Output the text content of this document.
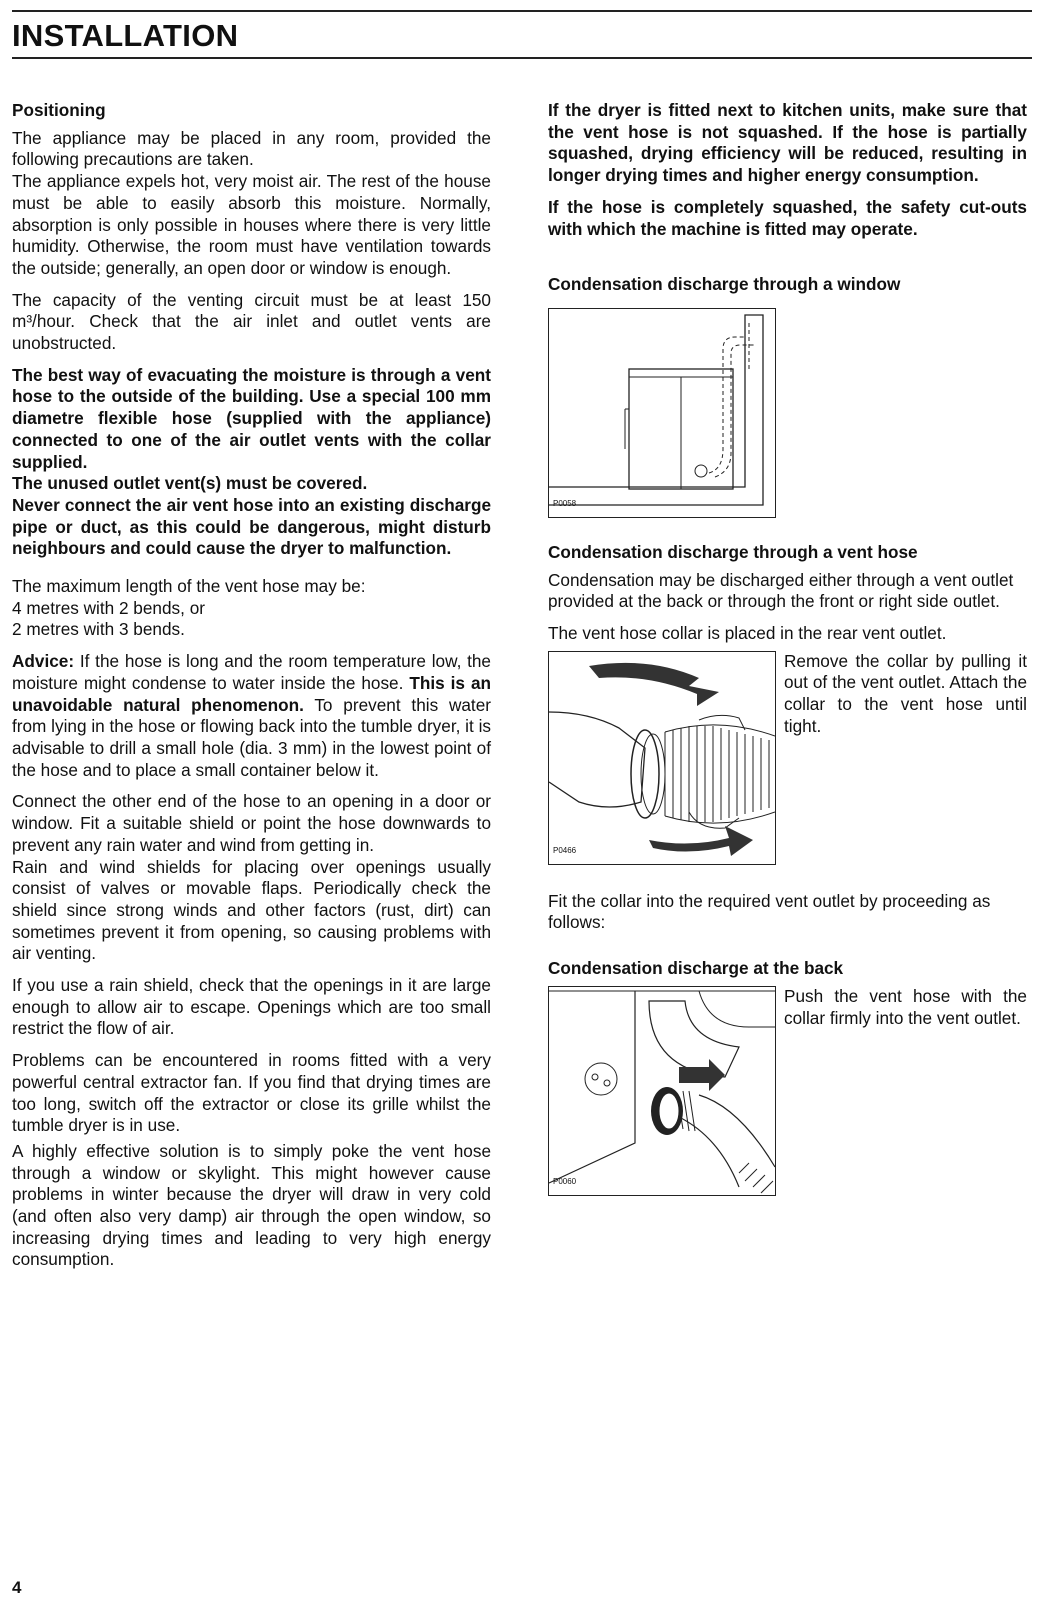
INSTALLATION
Positioning

The appliance may be placed in any room, provided the following precautions are taken.
The appliance expels hot, very moist air. The rest of the house must be able to easily absorb this moisture. Normally, absorption is only possible in houses where there is very little humidity. Otherwise, the room must have ventilation towards the outside; generally, an open door or window is enough.

The capacity of the venting circuit must be at least 150 m³/hour. Check that the air inlet and outlet vents are unobstructed.

The best way of evacuating the moisture is through a vent hose to the outside of the building. Use a special 100 mm diametre flexible hose (supplied with the appliance) connected to one of the air outlet vents with the collar supplied.
The unused outlet vent(s) must be covered.
Never connect the air vent hose into an existing discharge pipe or duct, as this could be dangerous, might disturb neighbours and could cause the dryer to malfunction.

The maximum length of the vent hose may be:
4 metres with 2 bends, or
2 metres with 3 bends.

Advice: If the hose is long and the room temperature low, the moisture might condense to water inside the hose. This is an unavoidable natural phenomenon. To prevent this water from lying in the hose or flowing back into the tumble dryer, it is advisable to drill a small hole (dia. 3 mm) in the lowest point of the hose and to place a small container below it.

Connect the other end of the hose to an opening in a door or window. Fit a suitable shield or point the hose downwards to prevent any rain water and wind from getting in.
Rain and wind shields for placing over openings usually consist of valves or movable flaps. Periodically check the shield since strong winds and other factors (rust, dirt) can sometimes prevent it from opening, so causing problems with air venting.

If you use a rain shield, check that the openings in it are large enough to allow air to escape. Openings which are too small restrict the flow of air.

Problems can be encountered in rooms fitted with a very powerful central extractor fan. If you find that drying times are too long, switch off the extractor or close its grille whilst the tumble dryer is in use.

A highly effective solution is to simply poke the vent hose through a window or skylight. This might however cause problems in winter because the dryer will draw in very cold (and often also very damp) air through the open window, so increasing drying times and leading to very high energy consumption.

If the dryer is fitted next to kitchen units, make sure that the vent hose is not squashed. If the hose is partially squashed, drying efficiency will be reduced, resulting in longer drying times and higher energy consumption.

If the hose is completely squashed, the safety cut-outs with which the machine is fitted may operate.

Condensation discharge through a window
P0058
Condensation discharge through a vent hose

Condensation may be discharged either through a vent outlet provided at the back or through the front or right side outlet.

The vent hose collar is placed in the rear vent outlet.

P0466
Remove the collar by pulling it out of the vent outlet. Attach the collar to the vent hose until tight.

Fit the collar into the required vent outlet by proceeding as follows:

Condensation discharge at the back
P0060
Push the vent hose with the collar firmly into the vent outlet.
4
